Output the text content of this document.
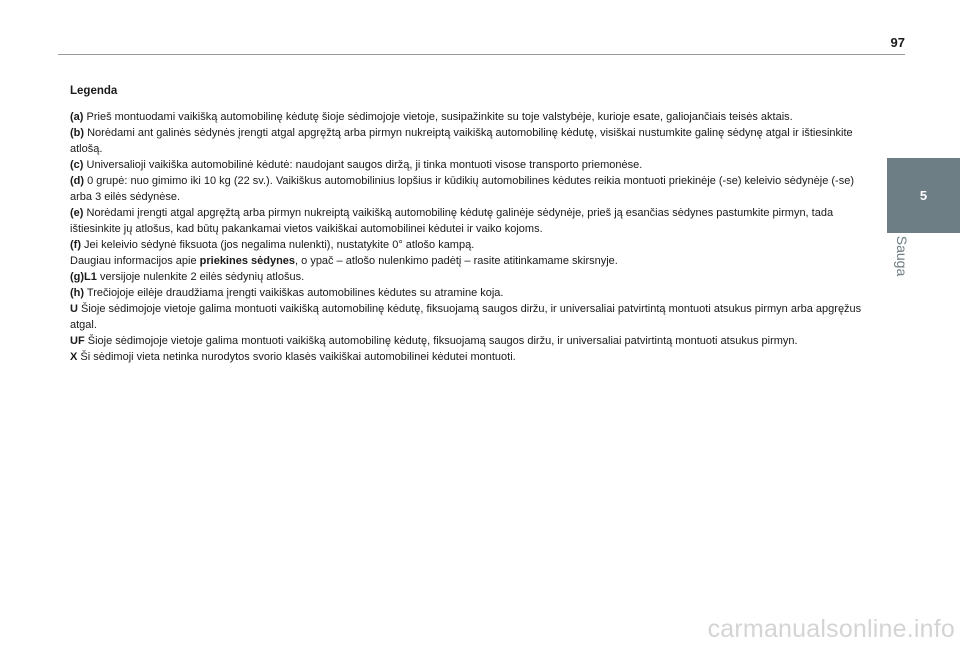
97

Legenda

(a) Prieš montuodami vaikišką automobilinę kėdutę šioje sėdimojoje vietoje, susipažinkite su toje valstybėje, kurioje esate, galiojančiais teisės aktais.

(b) Norėdami ant galinės sėdynės įrengti atgal apgręžtą arba pirmyn nukreiptą vaikišką automobilinę kėdutę, visiškai nustumkite galinę sėdynę atgal ir ištiesinkite atlošą.

(c) Universalioji vaikiška automobilinė kėdutė: naudojant saugos diržą, ji tinka montuoti visose transporto priemonėse.

(d) 0 grupė: nuo gimimo iki 10 kg (22 sv.). Vaikiškus automobilinius lopšius ir kūdikių automobilines kėdutes reikia montuoti priekinėje (-se) keleivio sėdynėje (-se) arba 3 eilės sėdynėse.

(e) Norėdami įrengti atgal apgręžtą arba pirmyn nukreiptą vaikišką automobilinę kėdutę galinėje sėdynėje, prieš ją esančias sėdynes pastumkite pirmyn, tada ištiesinkite jų atlošus, kad būtų pakankamai vietos vaikiškai automobilinei kėdutei ir vaiko kojoms.

(f) Jei keleivio sėdynė fiksuota (jos negalima nulenkti), nustatykite 0° atlošo kampą.

Daugiau informacijos apie priekines sėdynes, o ypač – atlošo nulenkimo padėtį – rasite atitinkamame skirsnyje.

(g)L1 versijoje nulenkite 2 eilės sėdynių atlošus.

(h) Trečiojoje eilėje draudžiama įrengti vaikiškas automobilines kėdutes su atramine koja.

U Šioje sėdimojoje vietoje galima montuoti vaikišką automobilinę kėdutę, fiksuojamą saugos diržu, ir universaliai patvirtintą montuoti atsukus pirmyn arba apgręžus atgal.

UF Šioje sėdimojoje vietoje galima montuoti vaikišką automobilinę kėdutę, fiksuojamą saugos diržu, ir universaliai patvirtintą montuoti atsukus pirmyn.

X Ši sėdimoji vieta netinka nurodytos svorio klasės vaikiškai automobilinei kėdutei montuoti.

5
Sauga
carmanualsonline.info
